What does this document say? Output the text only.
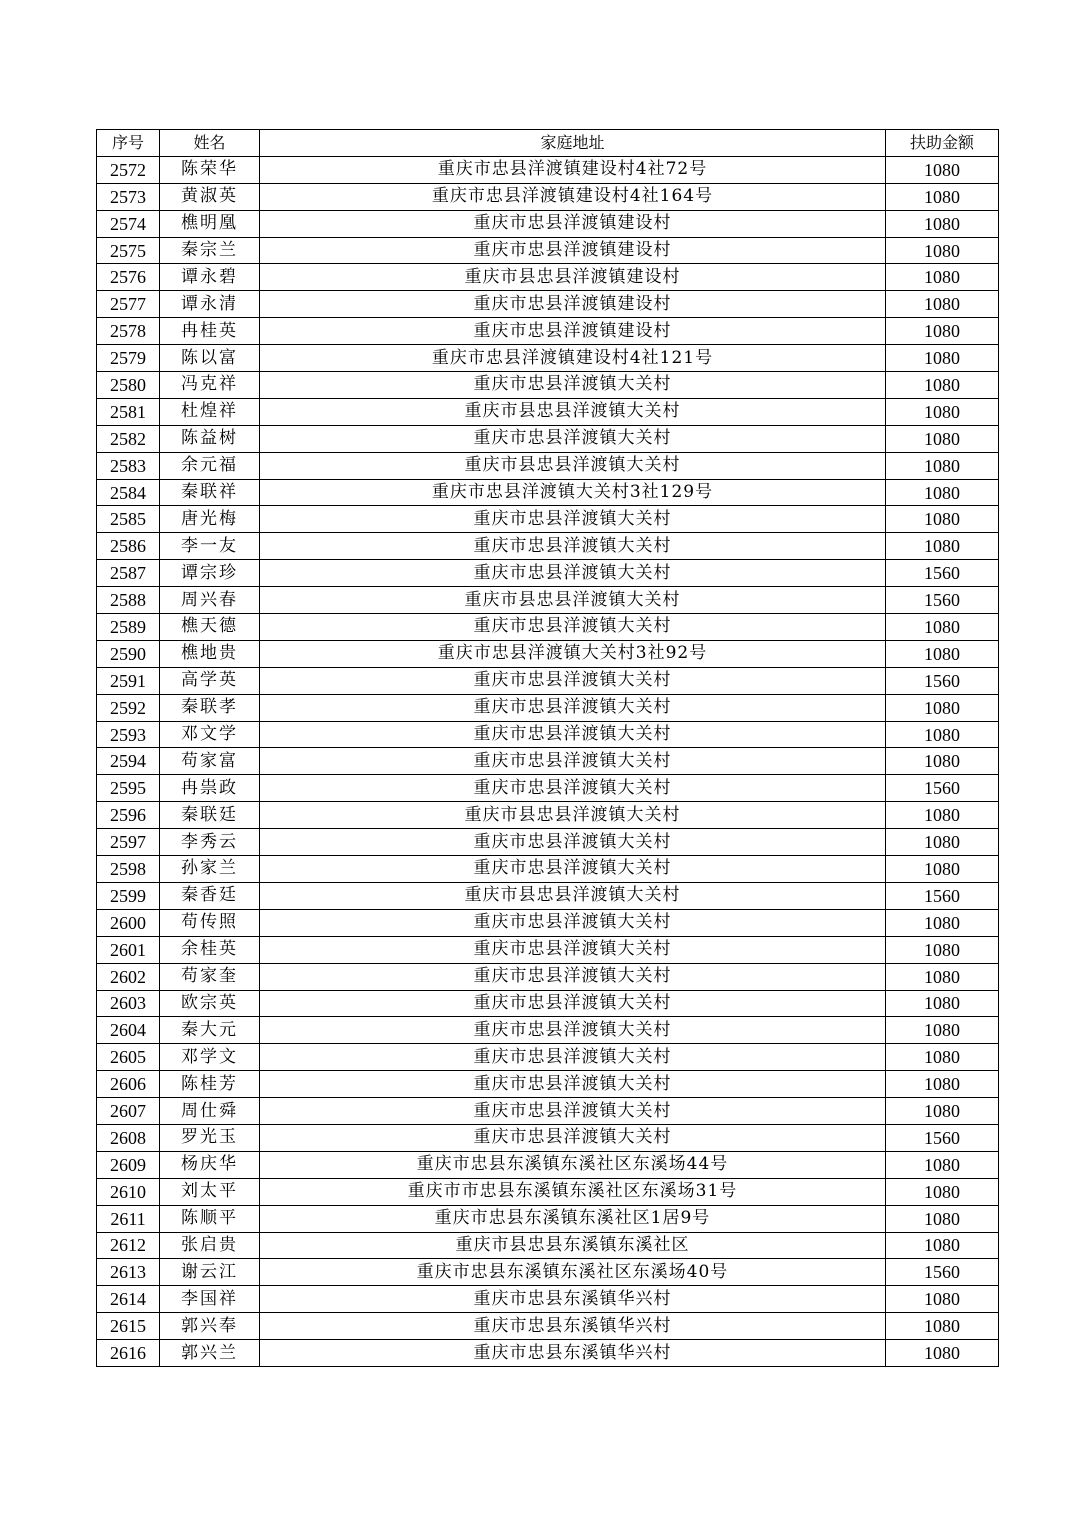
序号	姓名	家庭地址	扶助金额
2572	陈荣华	重庆市忠县洋渡镇建设村4社72号	1080
2573	黄淑英	重庆市忠县洋渡镇建设村4社164号	1080
2574	樵明凰	重庆市忠县洋渡镇建设村	1080
2575	秦宗兰	重庆市忠县洋渡镇建设村	1080
2576	谭永碧	重庆市县忠县洋渡镇建设村	1080
2577	谭永清	重庆市忠县洋渡镇建设村	1080
2578	冉桂英	重庆市忠县洋渡镇建设村	1080
2579	陈以富	重庆市忠县洋渡镇建设村4社121号	1080
2580	冯克祥	重庆市忠县洋渡镇大关村	1080
2581	杜煌祥	重庆市县忠县洋渡镇大关村	1080
2582	陈益树	重庆市忠县洋渡镇大关村	1080
2583	余元福	重庆市县忠县洋渡镇大关村	1080
2584	秦联祥	重庆市忠县洋渡镇大关村3社129号	1080
2585	唐光梅	重庆市忠县洋渡镇大关村	1080
2586	李一友	重庆市忠县洋渡镇大关村	1080
2587	谭宗珍	重庆市忠县洋渡镇大关村	1560
2588	周兴春	重庆市县忠县洋渡镇大关村	1560
2589	樵天德	重庆市忠县洋渡镇大关村	1080
2590	樵地贵	重庆市忠县洋渡镇大关村3社92号	1080
2591	高学英	重庆市忠县洋渡镇大关村	1560
2592	秦联孝	重庆市忠县洋渡镇大关村	1080
2593	邓文学	重庆市忠县洋渡镇大关村	1080
2594	苟家富	重庆市忠县洋渡镇大关村	1080
2595	冉祟政	重庆市忠县洋渡镇大关村	1560
2596	秦联廷	重庆市县忠县洋渡镇大关村	1080
2597	李秀云	重庆市忠县洋渡镇大关村	1080
2598	孙家兰	重庆市忠县洋渡镇大关村	1080
2599	秦香廷	重庆市县忠县洋渡镇大关村	1560
2600	苟传照	重庆市忠县洋渡镇大关村	1080
2601	余桂英	重庆市忠县洋渡镇大关村	1080
2602	苟家奎	重庆市忠县洋渡镇大关村	1080
2603	欧宗英	重庆市忠县洋渡镇大关村	1080
2604	秦大元	重庆市忠县洋渡镇大关村	1080
2605	邓学文	重庆市忠县洋渡镇大关村	1080
2606	陈桂芳	重庆市忠县洋渡镇大关村	1080
2607	周仕舜	重庆市忠县洋渡镇大关村	1080
2608	罗光玉	重庆市忠县洋渡镇大关村	1560
2609	杨庆华	重庆市忠县东溪镇东溪社区东溪场44号	1080
2610	刘太平	重庆市市忠县东溪镇东溪社区东溪场31号	1080
2611	陈顺平	重庆市忠县东溪镇东溪社区1居9号	1080
2612	张启贵	重庆市县忠县东溪镇东溪社区	1080
2613	谢云江	重庆市忠县东溪镇东溪社区东溪场40号	1560
2614	李国祥	重庆市忠县东溪镇华兴村	1080
2615	郭兴奉	重庆市忠县东溪镇华兴村	1080
2616	郭兴兰	重庆市忠县东溪镇华兴村	1080
